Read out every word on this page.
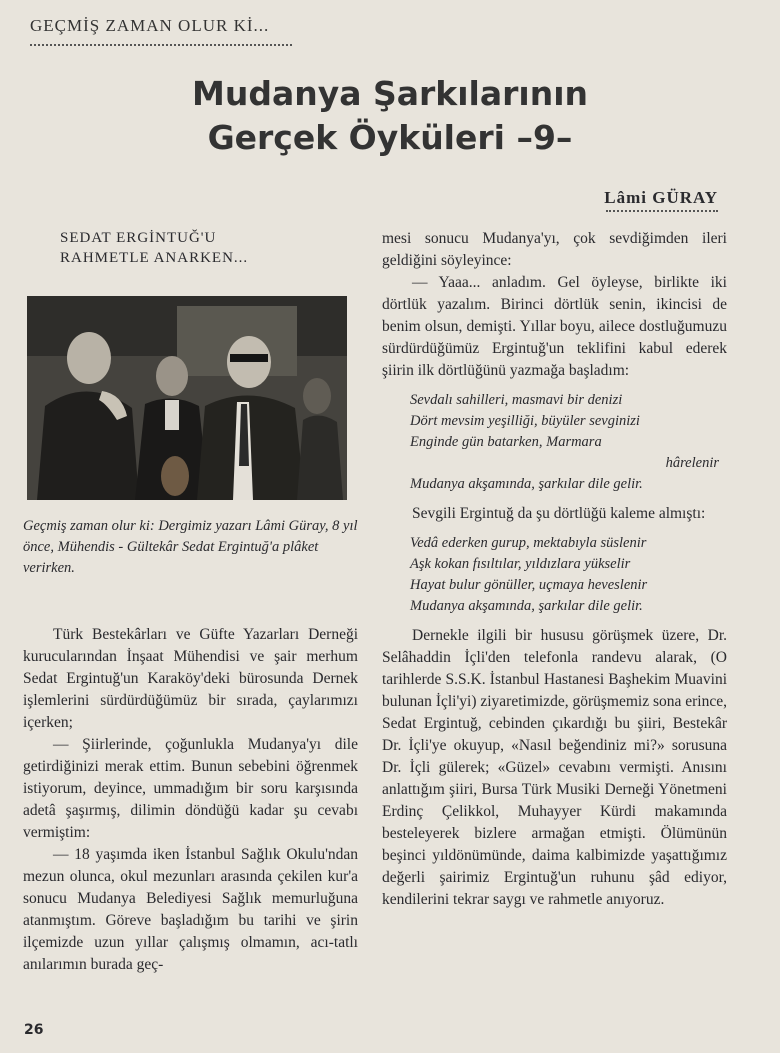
GEÇMİŞ ZAMAN OLUR Kİ...
Mudanya Şarkılarının
Gerçek Öyküleri –9–
Lâmi GÜRAY
SEDAT ERGİNTUĞ'U
RAHMETLE ANARKEN...
Geçmiş zaman olur ki: Dergimiz yazarı Lâmi Güray, 8 yıl önce, Mühendis - Gültekâr Sedat Ergintuğ'a plâket verirken.

Türk Bestekârları ve Güfte Yazarları Derneği kurucularından İnşaat Mühendisi ve şair merhum Sedat Ergintuğ'un Karaköy'deki bürosunda Dernek işlemlerini sürdürdüğümüz bir sırada, çaylarımızı içerken;

— Şiirlerinde, çoğunlukla Mudanya'yı dile getirdiğinizi merak ettim. Bunun sebebini öğrenmek istiyorum, deyince, ummadığım bir soru karşısında adetâ şaşırmış, dilimin döndüğü kadar şu cevabı vermiştim:

— 18 yaşımda iken İstanbul Sağlık Okulu'ndan mezun olunca, okul mezunları arasında çekilen kur'a sonucu Mudanya Belediyesi Sağlık memurluğuna atanmıştım. Göreve başladığım bu tarihi ve şirin ilçemizde uzun yıllar çalışmış olmamın, acı-tatlı anılarımın burada geç-

mesi sonucu Mudanya'yı, çok sevdiğimden ileri geldiğini söyleyince:

— Yaaa... anladım. Gel öyleyse, birlikte iki dörtlük yazalım. Birinci dörtlük senin, ikincisi de benim olsun, demişti. Yıllar boyu, ailece dostluğumuzu sürdürdüğümüz Ergintuğ'un teklifini kabul ederek şiirin ilk dörtlüğünü yazmağa başladım:

Sevdalı sahilleri, masmavi bir denizi
Dört mevsim yeşilliği, büyüler sevginizi
Enginde gün batarken, Marmara
hârelenir
Mudanya akşamında, şarkılar dile gelir.

Sevgili Ergintuğ da şu dörtlüğü kaleme almıştı:

Vedâ ederken gurup, mektabıyla süslenir
Aşk kokan fısıltılar, yıldızlara yükselir
Hayat bulur gönüller, uçmaya heveslenir
Mudanya akşamında, şarkılar dile gelir.

Dernekle ilgili bir hususu görüşmek üzere, Dr. Selâhaddin İçli'den telefonla randevu alarak, (O tarihlerde S.S.K. İstanbul Hastanesi Başhekim Muavini bulunan İçli'yi) ziyaretimizde, görüşmemiz sona erince, Sedat Ergintuğ, cebinden çıkardığı bu şiiri, Bestekâr Dr. İçli'ye okuyup, «Nasıl beğendiniz mi?» sorusuna Dr. İçli gülerek; «Güzel» cevabını vermişti. Anısını anlattığım şiiri, Bursa Türk Musiki Derneği Yönetmeni Erdinç Çelikkol, Muhayyer Kürdi makamında besteleyerek bizlere armağan etmişti. Ölümünün beşinci yıldönümünde, daima kalbimizde yaşattığımız değerli şairimiz Ergintuğ'un ruhunu şâd ediyor, kendilerini tekrar saygı ve rahmetle anıyoruz.

26
